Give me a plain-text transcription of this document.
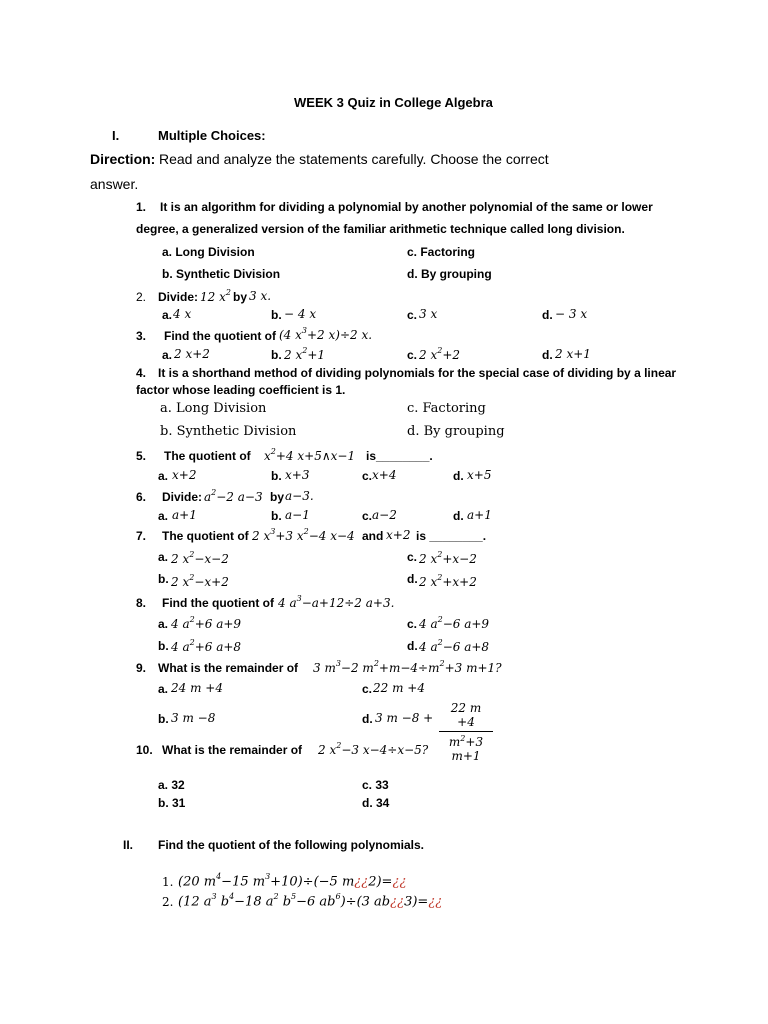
WEEK 3 Quiz in College Algebra
I.	Multiple Choices:
Direction: Read and analyze the statements carefully. Choose the correct
answer.
1. It is an algorithm for dividing a polynomial by another polynomial of the same or lower
degree, a generalized version of the familiar arithmetic technique called long division.
a. Long Division	c. Factoring
b. Synthetic Division	d. By grouping
2. Divide: 12 $x^2$ by 3 x.
a. 4 x	b. − 4 x	c. 3 x	d. − 3 x
3. Find the quotient of (4 $x^3+2$ x)÷2 x.
a. 2 x+2	b. 2 $x^2+1$	c. 2 $x^2+2$	d. 2 x+1
4. It is a shorthand method of dividing polynomials for the special case of dividing by a linear
factor whose leading coefficient is 1.
a. Long Division	c. Factoring
b. Synthetic Division	d. By grouping
5. The quotient of $x^2+4$ x+5∧x−1 is________.
a. x+2	b. x+3	c. x+4	d. x+5
6. Divide: $a^2-2$ a−3 by a−3.
a. a+1	b. a−1	c. a−2	d. a+1
7. The quotient of 2 $x^3+3$ $x^2-4$ x−4 and x+2 is ________.
a. 2 $x^2-x-2$	c. 2 $x^2+x-2$
b. 2 $x^2-x+2$	d. 2 $x^2+x+2$
8. Find the quotient of 4 $a^3-a+12\div 2$ a+3.
a. 4 $a^2+6$ a+9	c. 4 $a^2-6$ a+9
b. 4 $a^2+6$ a+8	d. 4 $a^2-6$ a+8
9. What is the remainder of 3 $m^3-2$ $m^2+m-4\div m^2+3$ m+1?
a. 24 m +4	c. 22 m +4
b. 3 m −8	d. 3 $m -8 + \frac{22 m +4}{m^2+3 m+1}$
10. What is the remainder of 2 $x^2-3$ x−4÷x−5?
a. 32	c. 33
b. 31	d. 34
II. Find the quotient of the following polynomials.
1. (20 $m^4-15$ $m^3+10)\div(-5$ m¿¿2)=¿¿
2. (12 $a^3$ $b^4-18$ $a^2$ $b^5-6$ $ab^6)\div(3$ ab¿¿3)=¿¿
